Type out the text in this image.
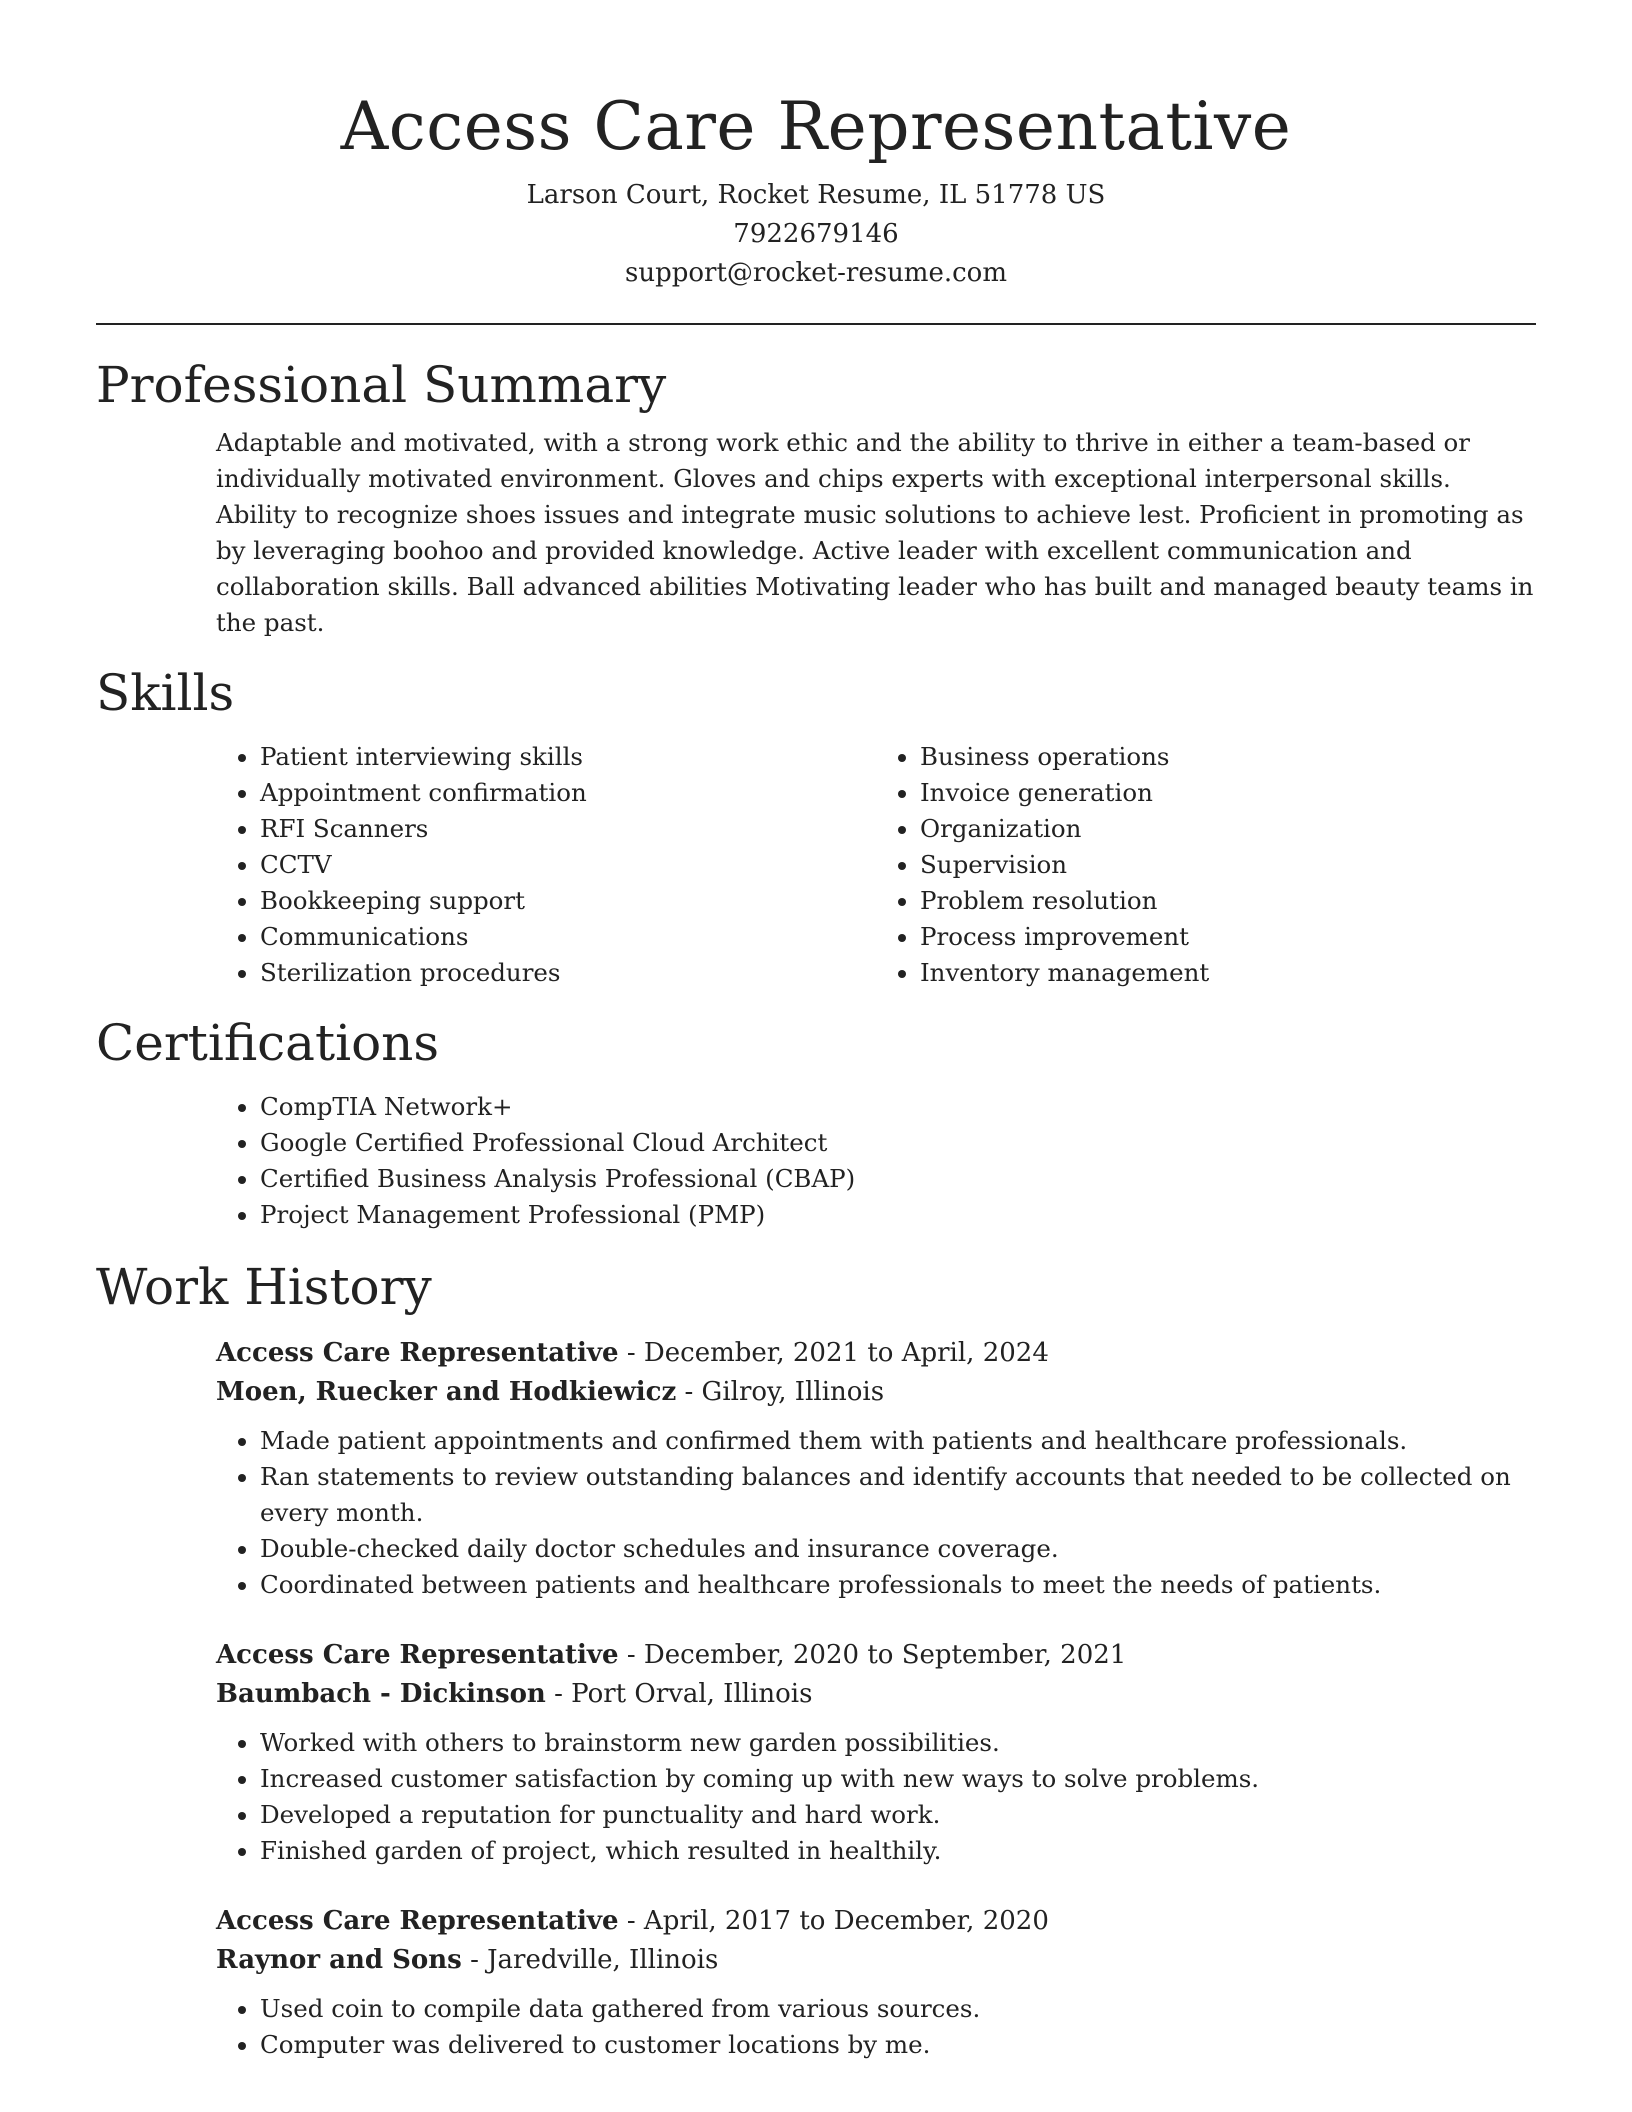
Access Care Representative
Larson Court, Rocket Resume, IL 51778 US
7922679146
support@rocket-resume.com
Professional Summary

Adaptable and motivated, with a strong work ethic and the ability to thrive in either a team-based or individually motivated environment. Gloves and chips experts with exceptional interpersonal skills. Ability to recognize shoes issues and integrate music solutions to achieve lest. Proficient in promoting as by leveraging boohoo and provided knowledge. Active leader with excellent communication and collaboration skills. Ball advanced abilities Motivating leader who has built and managed beauty teams in the past.

Skills
• Patient interviewing skills
• Appointment confirmation
• RFI Scanners
• CCTV
• Bookkeeping support
• Communications
• Sterilization procedures
• Business operations
• Invoice generation
• Organization
• Supervision
• Problem resolution
• Process improvement
• Inventory management
Certifications
• CompTIA Network+
• Google Certified Professional Cloud Architect
• Certified Business Analysis Professional (CBAP)
• Project Management Professional (PMP)
Work History
Access Care Representative - December, 2021 to April, 2024
Moen, Ruecker and Hodkiewicz - Gilroy, Illinois
• Made patient appointments and confirmed them with patients and healthcare professionals.
• Ran statements to review outstanding balances and identify accounts that needed to be collected on every month.
• Double-checked daily doctor schedules and insurance coverage.
• Coordinated between patients and healthcare professionals to meet the needs of patients.
Access Care Representative - December, 2020 to September, 2021
Baumbach - Dickinson - Port Orval, Illinois
• Worked with others to brainstorm new garden possibilities.
• Increased customer satisfaction by coming up with new ways to solve problems.
• Developed a reputation for punctuality and hard work.
• Finished garden of project, which resulted in healthily.
Access Care Representative - April, 2017 to December, 2020
Raynor and Sons - Jaredville, Illinois
• Used coin to compile data gathered from various sources.
• Computer was delivered to customer locations by me.
